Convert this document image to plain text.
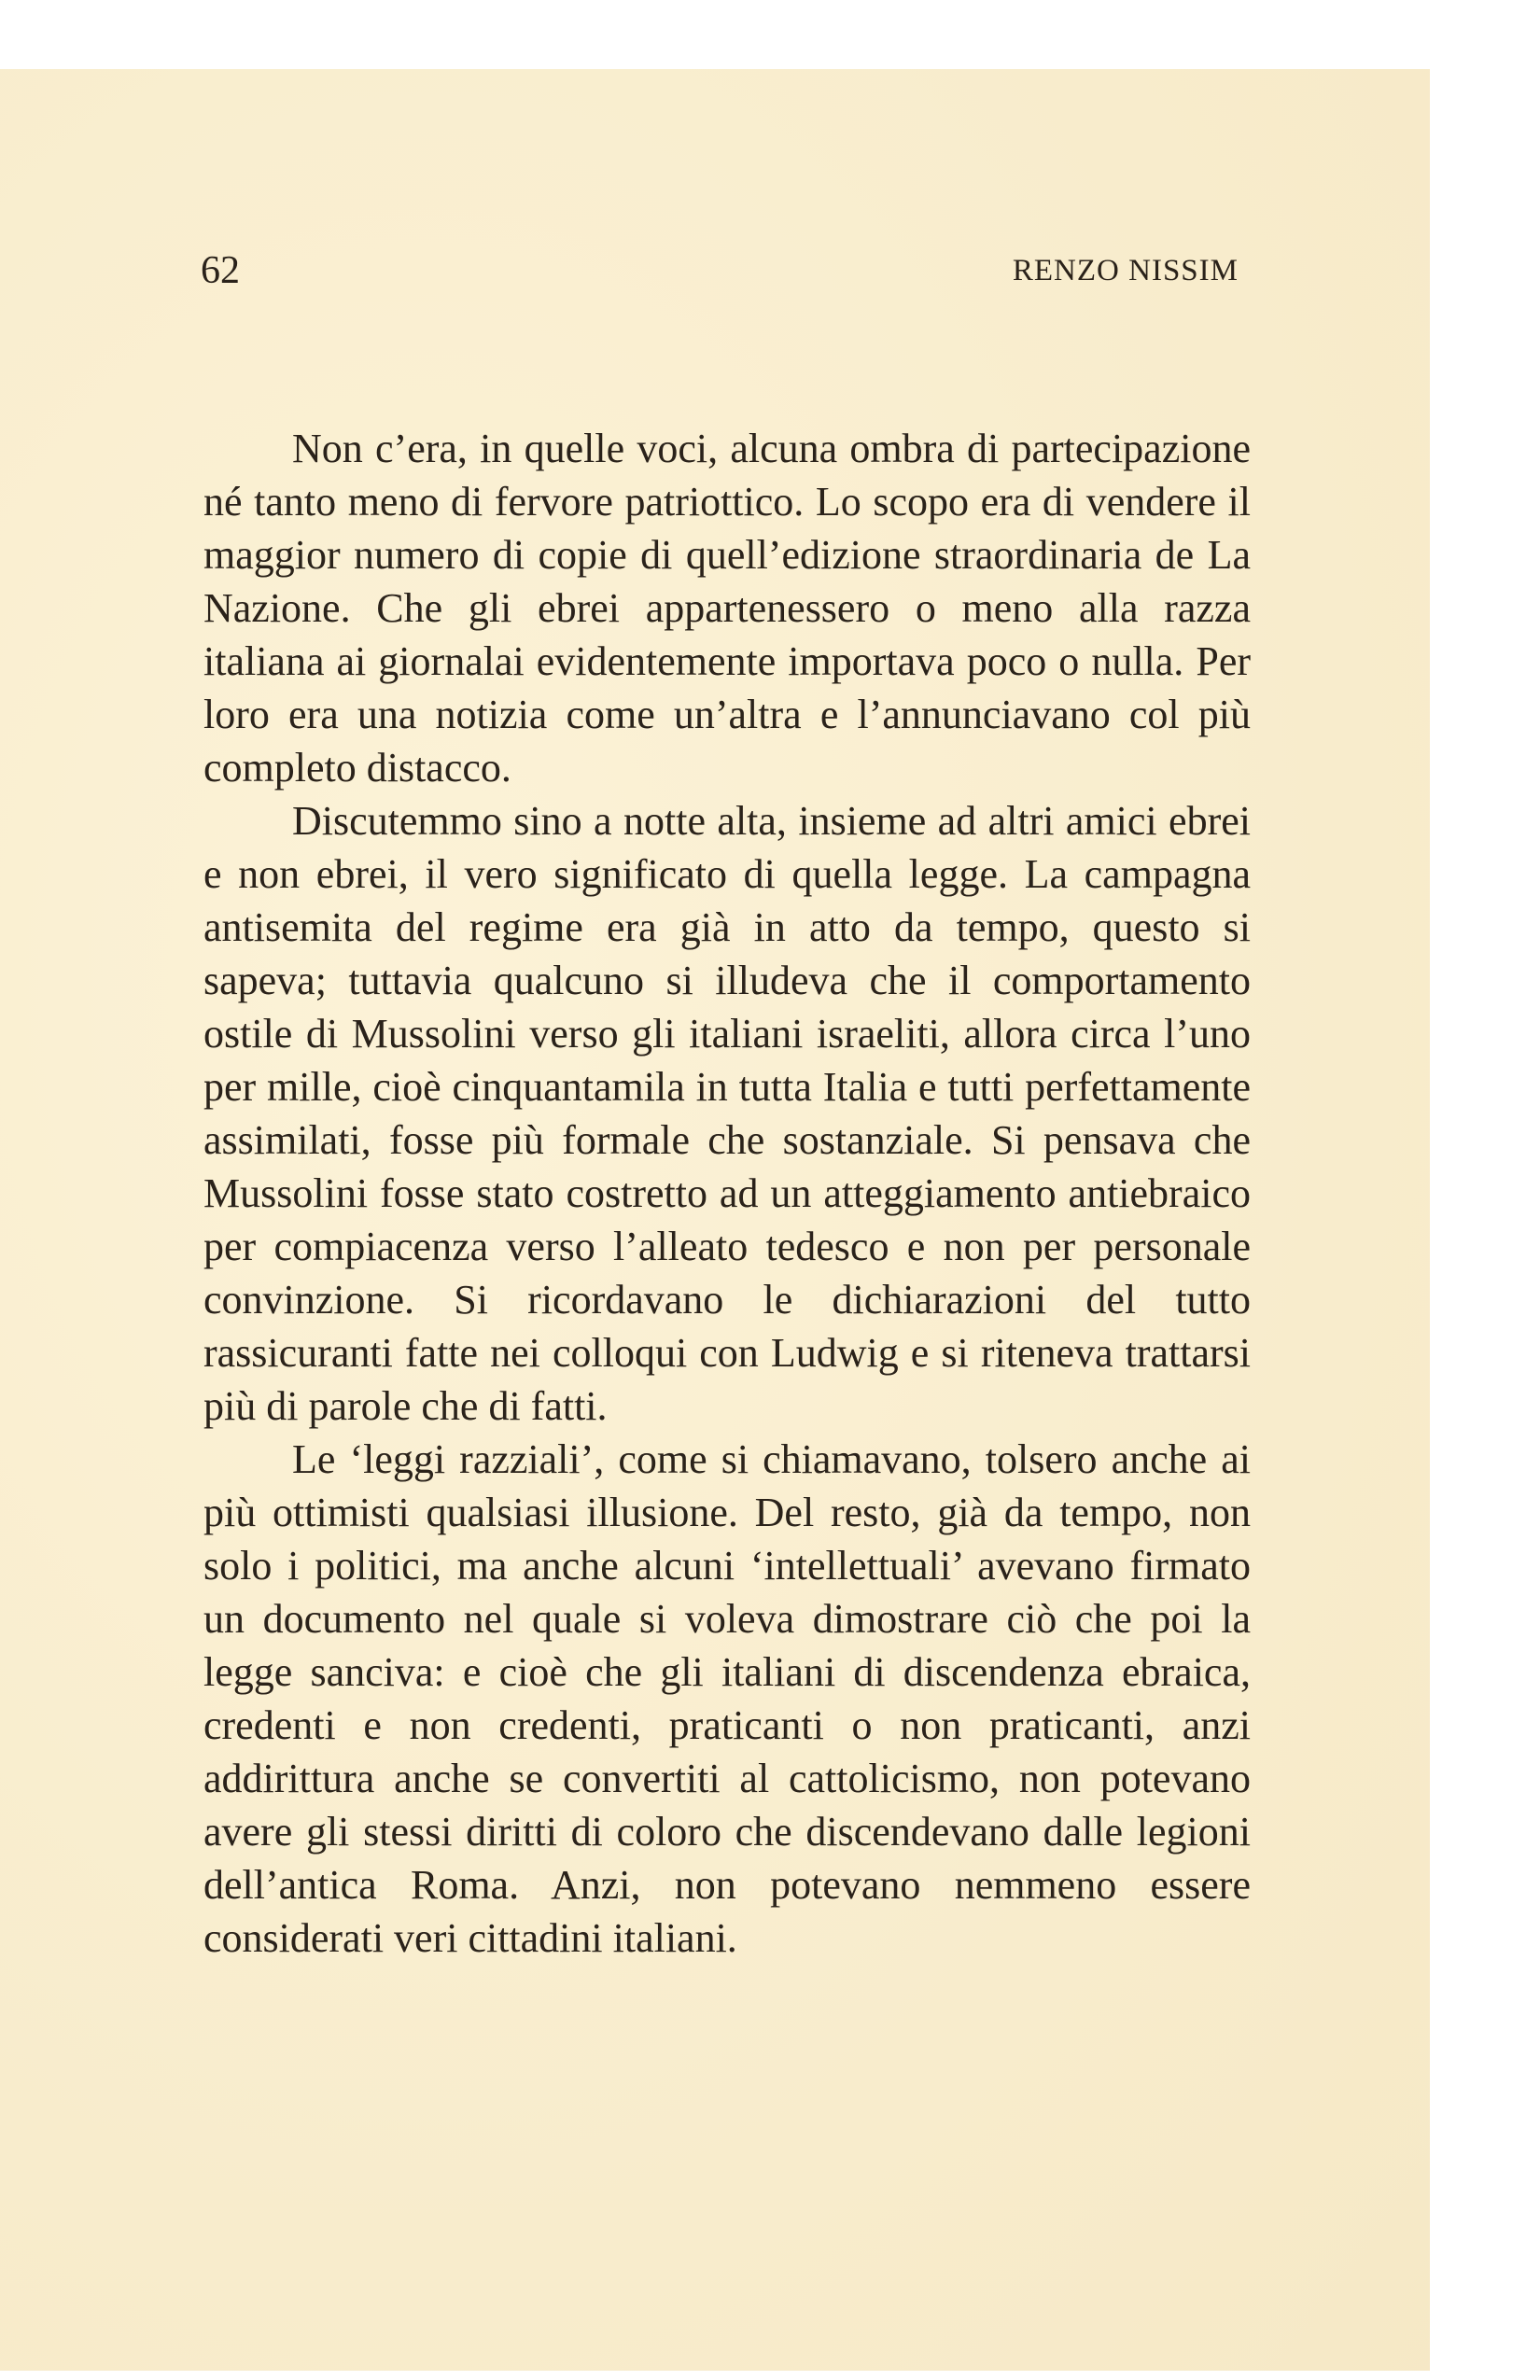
62	RENZO NISSIM

Non c’era, in quelle voci, alcuna ombra di partecipazione né tanto meno di fervore patriottico. Lo scopo era di vendere il maggior numero di copie di quell’edizione straordinaria de La Nazione. Che gli ebrei appartenessero o meno alla razza italiana ai giornalai evidentemente importava poco o nulla. Per loro era una notizia come un’altra e l’annunciavano col più completo distacco.

Discutemmo sino a notte alta, insieme ad altri amici ebrei e non ebrei, il vero significato di quella legge. La campagna antisemita del regime era già in atto da tempo, questo si sapeva; tuttavia qualcuno si illudeva che il comportamento ostile di Mussolini verso gli italiani israeliti, allora circa l’uno per mille, cioè cinquantamila in tutta Italia e tutti perfettamente assimilati, fosse più formale che sostanziale. Si pensava che Mussolini fosse stato costretto ad un atteggiamento antiebraico per compiacenza verso l’alleato tedesco e non per personale convinzione. Si ricordavano le dichiarazioni del tutto rassicuranti fatte nei colloqui con Ludwig e si riteneva trattarsi più di parole che di fatti.

Le ‘leggi razziali’, come si chiamavano, tolsero anche ai più ottimisti qualsiasi illusione. Del resto, già da tempo, non solo i politici, ma anche alcuni ‘intellettuali’ avevano firmato un documento nel quale si voleva dimostrare ciò che poi la legge sanciva: e cioè che gli italiani di discendenza ebraica, credenti e non credenti, praticanti o non praticanti, anzi addirittura anche se convertiti al cattolicismo, non potevano avere gli stessi diritti di coloro che discendevano dalle legioni dell’antica Roma. Anzi, non potevano nemmeno essere considerati veri cittadini italiani.
